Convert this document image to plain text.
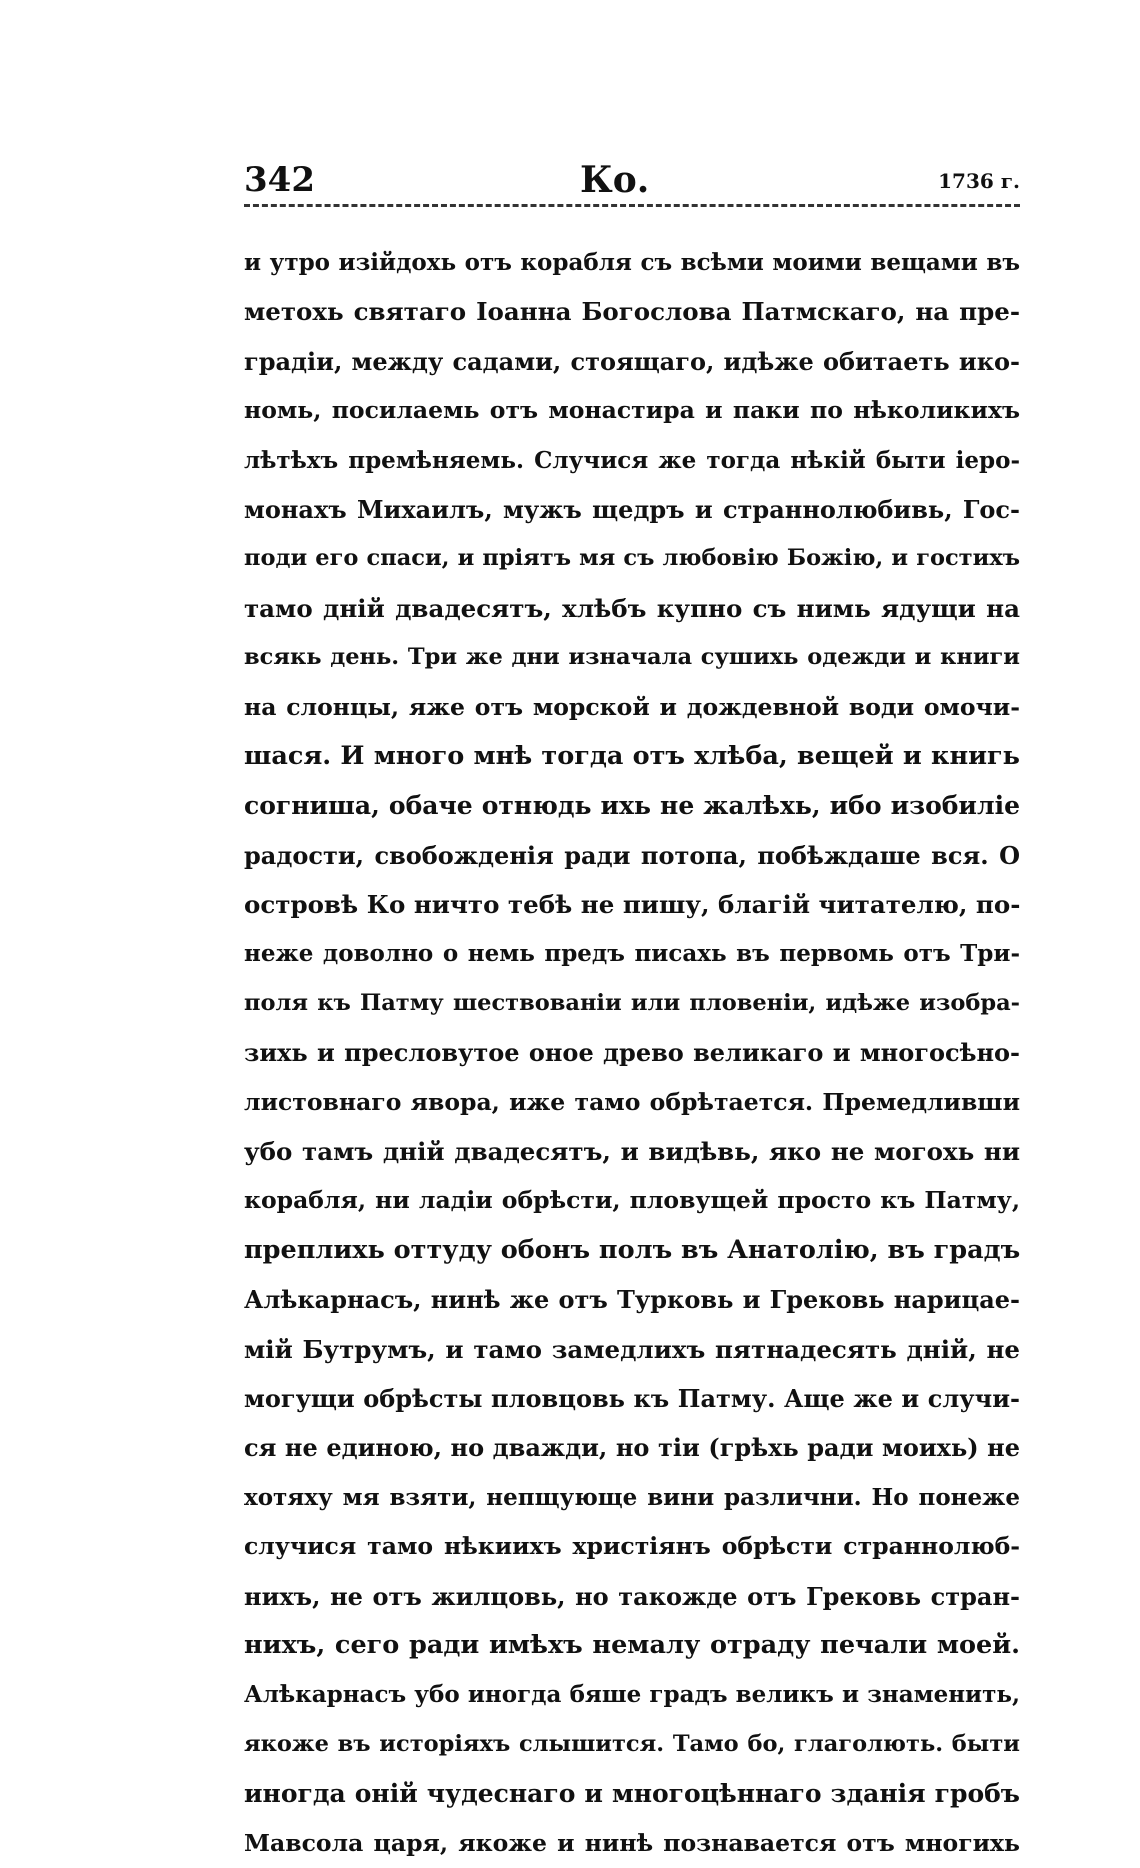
342	Ко.	1736 г.
и утро изійдохь отъ корабля съ всѣми моими вещами въ
метохь святаго Іоанна Богослова Патмскаго, на пре-
градіи, между садами, стоящаго, идѣже обитаеть ико-
номь, посилаемь отъ монастира и паки по нѣколикихъ
лѣтѣхъ премѣняемь. Случися же тогда нѣкій быти іеро-
монахъ Михаилъ, мужъ щедръ и страннолюбивь, Гос-
поди его спаси, и пріятъ мя съ любовію Божію, и гостихъ
тамо дній двадесятъ, хлѣбъ купно съ нимь ядущи на
всякь день. Три же дни изначала сушихь одежди и книги
на слонцы, яже отъ морской и дождевной води омочи-
шася. И много мнѣ тогда отъ хлѣба, вещей и книгь
согниша, обаче отнюдь ихь не жалѣхь, ибо изобиліе
радости, свобожденія ради потопа, побѣждаше вся. О
островѣ Ко ничто тебѣ не пишу, благій читателю, по-
неже доволно о немь предъ писахь въ первомь отъ Три-
поля къ Патму шествованіи или пловеніи, идѣже изобра-
зихь и пресловутое оное древо великаго и многосѣно-
листовнаго явора, иже тамо обрѣтается. Премедливши
убо тамъ дній двадесятъ, и видѣвь, яко не могохь ни
корабля, ни ладіи обрѣсти, пловущей просто къ Патму,
преплихь оттуду обонъ полъ въ Анатолію, въ градъ
Алѣкарнасъ, нинѣ же отъ Турковь и Грековь нарицае-
мій Бутрумъ, и тамо замедлихъ пятнадесять дній, не
могущи обрѣсты пловцовь къ Патму. Аще же и случи-
ся не единою, но дважди, но тіи (грѣхь ради моихь) не
хотяху мя взяти, непщующе вини различни. Но понеже
случися тамо нѣкиихъ христіянъ обрѣсти страннолюб-
нихъ, не отъ жилцовь, но такожде отъ Грековь стран-
нихъ, сего ради имѣхъ немалу отраду печали моей.
Алѣкарнасъ убо иногда бяше градъ великъ и знаменить,
якоже въ исторіяхъ слышится. Тамо бо, глаголють. быти
иногда оній чудеснаго и многоцѣннаго зданія гробъ
Мавсола царя, якоже и нинѣ познавается отъ многихь
